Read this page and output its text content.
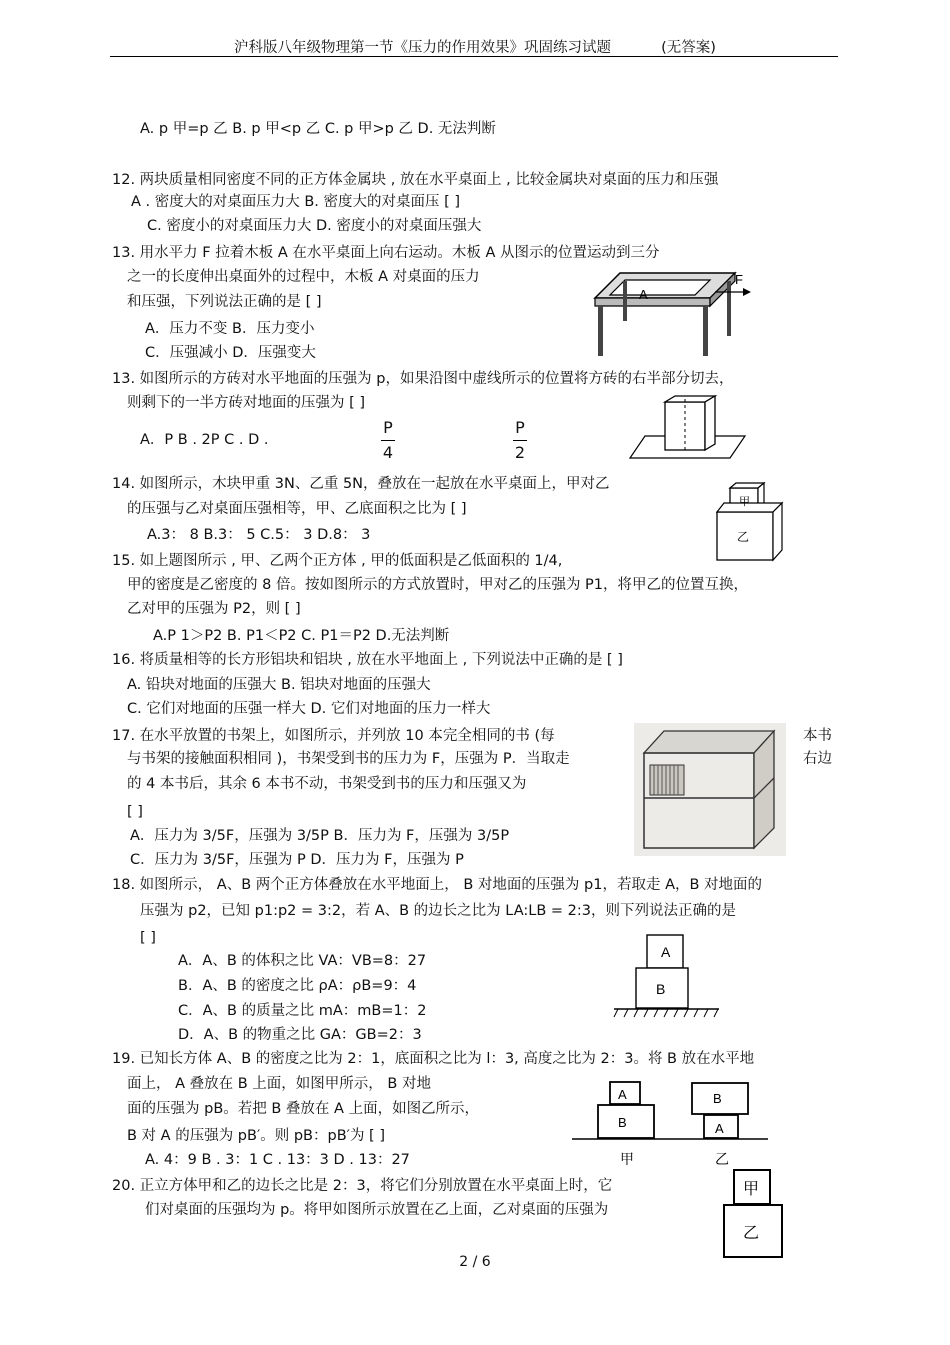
沪科版八年级物理第一节《压力的作用效果》巩固练习试题	(无答案)
A. p 甲=p 乙 B. p 甲<p 乙 C. p 甲>p 乙 D. 无法判断
12. 两块质量相同密度不同的正方体金属块 , 放在水平桌面上 , 比较金属块对桌面的压力和压强
A . 密度大的对桌面压力大 B. 密度大的对桌面压 [ ]
C. 密度小的对桌面压力大 D. 密度小的对桌面压强大
13. 用水平力 F 拉着木板 A 在水平桌面上向右运动。木板 A 从图示的位置运动到三分
之一的长度伸出桌面外的过程中，木板 A 对桌面的压力
和压强，下列说法正确的是 [ ]
A．压力不变 B．压力变小
C．压强减小 D．压强变大
13. 如图所示的方砖对水平地面的压强为 p，如果沿图中虚线所示的位置将方砖的右半部分切去，
则剩下的一半方砖对地面的压强为 [ ]
A．P B . 2P C . D .
P
4
P
2
14. 如图所示，木块甲重 3N、乙重 5N，叠放在一起放在水平桌面上，甲对乙
的压强与乙对桌面压强相等，甲、乙底面积之比为 [ ]
A.3： 8 B.3： 5 C.5： 3 D.8： 3
15. 如上题图所示 , 甲、乙两个正方体 , 甲的低面积是乙低面积的 1/4,
甲的密度是乙密度的 8 倍。按如图所示的方式放置时，甲对乙的压强为 P1，将甲乙的位置互换，
乙对甲的压强为 P2，则 [ ]
A.P 1＞P2 B. P1＜P2 C. P1＝P2 D.无法判断
16. 将质量相等的长方形铝块和铝块 , 放在水平地面上 , 下列说法中正确的是 [ ]
A. 铅块对地面的压强大 B. 铝块对地面的压强大
C. 它们对地面的压强一样大 D. 它们对地面的压力一样大
17. 在水平放置的书架上，如图所示，并列放 10 本完全相同的书 (每	本书
与书架的接触面积相同 )，书架受到书的压力为 F，压强为 P．当取走	右边
的 4 本书后，其余 6 本书不动，书架受到书的压力和压强又为
[ ]
A．压力为 3/5F，压强为 3/5P B．压力为 F，压强为 3/5P
C．压力为 3/5F，压强为 P D．压力为 F，压强为 P
18. 如图所示， A、B 两个正方体叠放在水平地面上， B 对地面的压强为 p1，若取走 A，B 对地面的
压强为 p2，已知 p1:p2 = 3:2，若 A、B 的边长之比为 LA:LB = 2:3，则下列说法正确的是
[ ]
A．A、B 的体积之比 VA：VB=8：27
B．A、B 的密度之比 ρA：ρB=9：4
C．A、B 的质量之比 mA：mB=1：2
D．A、B 的物重之比 GA：GB=2：3
19. 已知长方体 A、B 的密度之比为 2：1，底面积之比为 l：3, 高度之比为 2：3。将 B 放在水平地
面上， A 叠放在 B 上面，如图甲所示， B 对地
面的压强为 pB。若把 B 叠放在 A 上面，如图乙所示，
B 对 A 的压强为 pB′。则 pB：pB′为 [ ]
A. 4：9 B . 3：1 C . 13：3 D . 13：27
20. 正立方体甲和乙的边长之比是 2：3，将它们分别放置在水平桌面上时，它
们对桌面的压强均为 p。将甲如图所示放置在乙上面，乙对桌面的压强为
A
F
甲
乙
A
B
A
B
B
A
甲	乙
甲
乙
2 / 6
